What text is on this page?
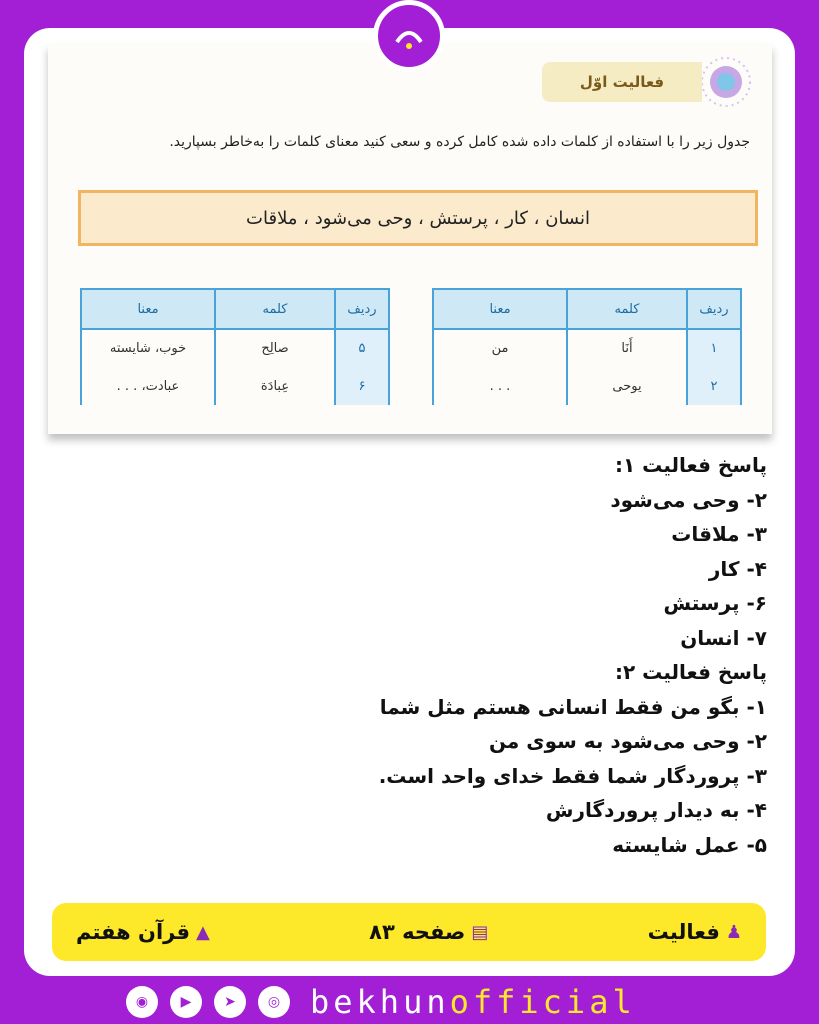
فعالیت اوّل
جدول زیر را با استفاده از کلمات داده شده کامل کرده و سعی کنید معنای کلمات را به‌خاطر بسپارید.
انسان ، کار ، پرستش ، وحی می‌شود ، ملاقات
ردیف	کلمه	معنا
۱	أَنَا	من
۲	یوحی	. . .
ردیف	کلمه	معنا
۵	صالِح	خوب، شایسته
۶	عِبادَة	عبادت، . . .
پاسخ فعالیت ۱:
۲- وحی می‌شود
۳- ملاقات
۴- کار
۶- پرستش
۷- انسان
پاسخ فعالیت ۲:
۱- بگو من فقط انسانی هستم مثل شما
۲- وحی می‌شود به سوی من
۳- پروردگار شما فقط خدای واحد است.
۴- به دیدار پروردگارش
۵- عمل شایسته
♟
فعالیت
▤
صفحه ۸۳
▲
قرآن هفتم
◉	▶	➤	◎ bekhunofficial
